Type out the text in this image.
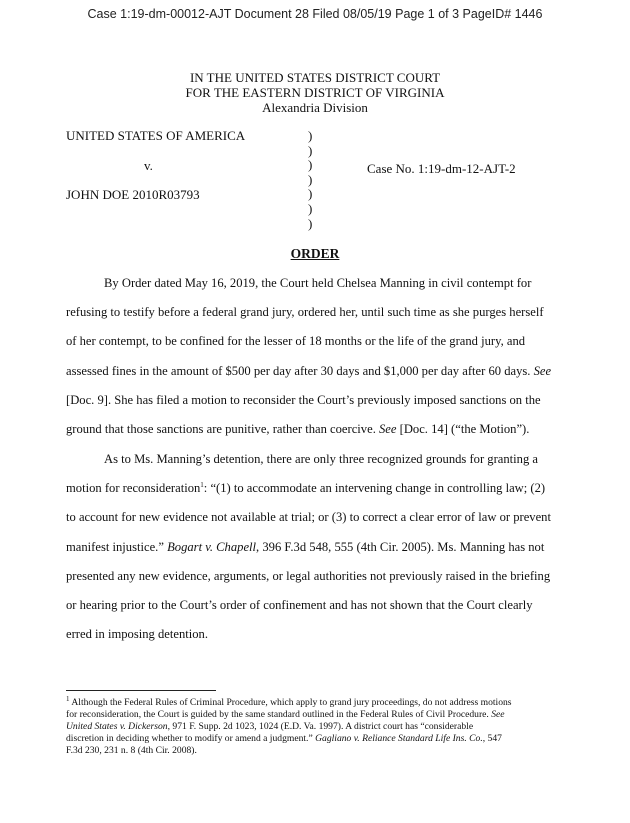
Case 1:19-dm-00012-AJT Document 28 Filed 08/05/19 Page 1 of 3 PageID# 1446
IN THE UNITED STATES DISTRICT COURT
FOR THE EASTERN DISTRICT OF VIRGINIA
Alexandria Division
UNITED STATES OF AMERICA
v.
JOHN DOE 2010R03793
)
)
)
)
)
)
)
Case No. 1:19-dm-12-AJT-2
ORDER
By Order dated May 16, 2019, the Court held Chelsea Manning in civil contempt for
refusing to testify before a federal grand jury, ordered her, until such time as she purges herself
of her contempt, to be confined for the lesser of 18 months or the life of the grand jury, and
assessed fines in the amount of $500 per day after 30 days and $1,000 per day after 60 days. See
[Doc. 9]. She has filed a motion to reconsider the Court’s previously imposed sanctions on the
ground that those sanctions are punitive, rather than coercive. See [Doc. 14] (“the Motion”).
As to Ms. Manning’s detention, there are only three recognized grounds for granting a
motion for reconsideration$^1$: “(1) to accommodate an intervening change in controlling law; (2)
to account for new evidence not available at trial; or (3) to correct a clear error of law or prevent
manifest injustice.” Bogart v. Chapell, 396 F.3d 548, 555 (4th Cir. 2005). Ms. Manning has not
presented any new evidence, arguments, or legal authorities not previously raised in the briefing
or hearing prior to the Court’s order of confinement and has not shown that the Court clearly
erred in imposing detention.
$^1$ Although the Federal Rules of Criminal Procedure, which apply to grand jury proceedings, do not address motions
for reconsideration, the Court is guided by the same standard outlined in the Federal Rules of Civil Procedure. See
United States v. Dickerson, 971 F. Supp. 2d 1023, 1024 (E.D. Va. 1997). A district court has “considerable
discretion in deciding whether to modify or amend a judgment.” Gagliano v. Reliance Standard Life Ins. Co., 547
F.3d 230, 231 n. 8 (4th Cir. 2008).
